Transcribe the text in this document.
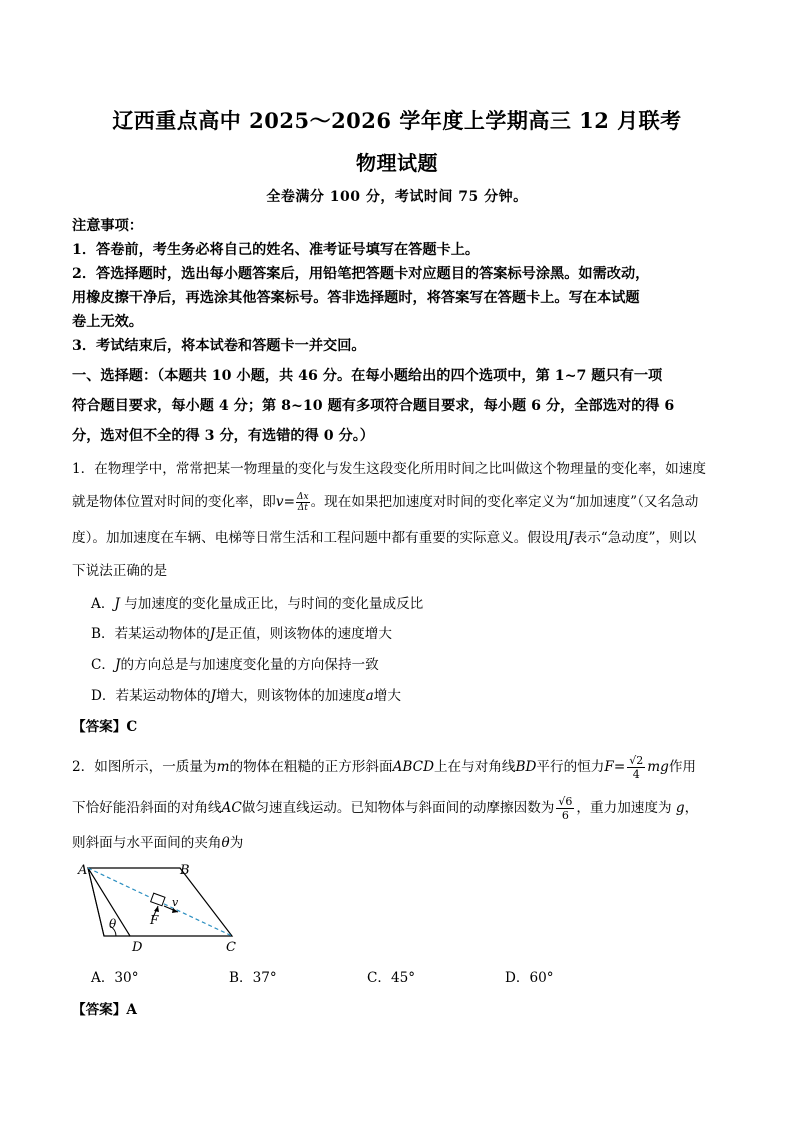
辽西重点高中 2025～2026 学年度上学期高三 12 月联考
物理试题
全卷满分 100 分，考试时间 75 分钟。
注意事项：
1．答卷前，考生务必将自己的姓名、准考证号填写在答题卡上。
2．答选择题时，选出每小题答案后，用铅笔把答题卡对应题目的答案标号涂黑。如需改动，
用橡皮擦干净后，再选涂其他答案标号。答非选择题时，将答案写在答题卡上。写在本试题
卷上无效。
3．考试结束后，将本试卷和答题卡一并交回。
一、选择题：（本题共 10 小题，共 46 分。在每小题给出的四个选项中，第 1~7 题只有一项
符合题目要求，每小题 4 分；第 8~10 题有多项符合题目要求，每小题 6 分，全部选对的得 6
分，选对但不全的得 3 分，有选错的得 0 分。）
1．在物理学中，常常把某一物理量的变化与发生这段变化所用时间之比叫做这个物理量的变化率，如速度
就是物体位置对时间的变化率，即$v= \frac{\Delta x}{\Delta t}$ 。现在如果把加速度对时间的变化率定义为“加加速度”（又名急动
度）。加加速度在车辆、电梯等日常生活和工程问题中都有重要的实际意义。假设用J表示“急动度”，则以
下说法正确的是
A．J 与加速度的变化量成正比，与时间的变化量成反比
B．若某运动物体的J是正值，则该物体的速度增大
C．J的方向总是与加速度变化量的方向保持一致
D．若某运动物体的J增大，则该物体的加速度a增大
【答案】C
2．如图所示，一质量为m的物体在粗糙的正方形斜面ABCD上在与对角线BD平行的恒力$F= \frac{√2}{4}$ mg作用
下恰好能沿斜面的对角线AC做匀速直线运动。已知物体与斜面间的动摩擦因数为 $\frac{√6}{6}$ ，重力加速度为 g，
则斜面与水平面间的夹角θ为
A	B
C
D
θ	F
v
A．30°	B．37°	C．45°	D．60°
【答案】A
